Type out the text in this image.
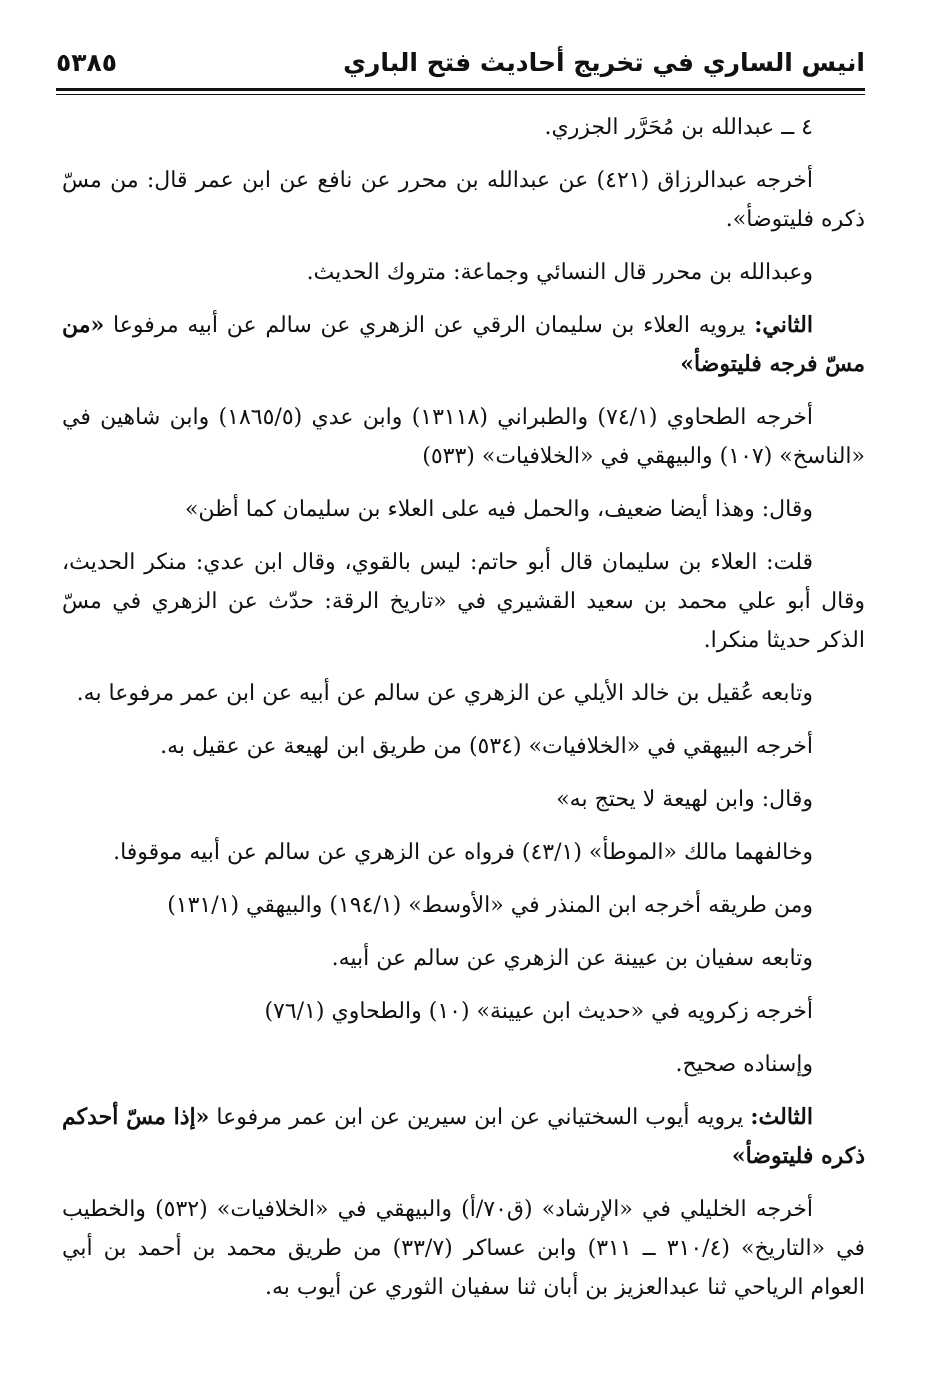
انيس الساري في تخريج أحاديث فتح الباري
٥٣٨٥

٤ ــ عبدالله بن مُحَرَّر الجزري.

أخرجه عبدالرزاق (٤٢١) عن عبدالله بن محرر عن نافع عن ابن عمر قال: من مسّ ذكره فليتوضأ».

وعبدالله بن محرر قال النسائي وجماعة: متروك الحديث.

الثاني: يرويه العلاء بن سليمان الرقي عن الزهري عن سالم عن أبيه مرفوعا «من مسّ فرجه فليتوضأ»

أخرجه الطحاوي (٧٤/١) والطبراني (١٣١١٨) وابن عدي (١٨٦٥/٥) وابن شاهين في «الناسخ» (١٠٧) والبيهقي في «الخلافيات» (٥٣٣)

وقال: وهذا أيضا ضعيف، والحمل فيه على العلاء بن سليمان كما أظن»

قلت: العلاء بن سليمان قال أبو حاتم: ليس بالقوي، وقال ابن عدي: منكر الحديث، وقال أبو علي محمد بن سعيد القشيري في «تاريخ الرقة: حدّث عن الزهري في مسّ الذكر حديثا منكرا.

وتابعه عُقيل بن خالد الأيلي عن الزهري عن سالم عن أبيه عن ابن عمر مرفوعا به.

أخرجه البيهقي في «الخلافيات» (٥٣٤) من طريق ابن لهيعة عن عقيل به.

وقال: وابن لهيعة لا يحتج به»

وخالفهما مالك «الموطأ» (٤٣/١) فرواه عن الزهري عن سالم عن أبيه موقوفا.

ومن طريقه أخرجه ابن المنذر في «الأوسط» (١٩٤/١) والبيهقي (١٣١/١)

وتابعه سفيان بن عيينة عن الزهري عن سالم عن أبيه.

أخرجه زكرويه في «حديث ابن عيينة» (١٠) والطحاوي (٧٦/١)

وإسناده صحيح.

الثالث: يرويه أيوب السختياني عن ابن سيرين عن ابن عمر مرفوعا «إذا مسّ أحدكم ذكره فليتوضأ»

أخرجه الخليلي في «الإرشاد» (ق٧٠/أ) والبيهقي في «الخلافيات» (٥٣٢) والخطيب في «التاريخ» (٣١٠/٤ ــ ٣١١) وابن عساكر (٣٣/٧) من طريق محمد بن أحمد بن أبي العوام الرياحي ثنا عبدالعزيز بن أبان ثنا سفيان الثوري عن أيوب به.
